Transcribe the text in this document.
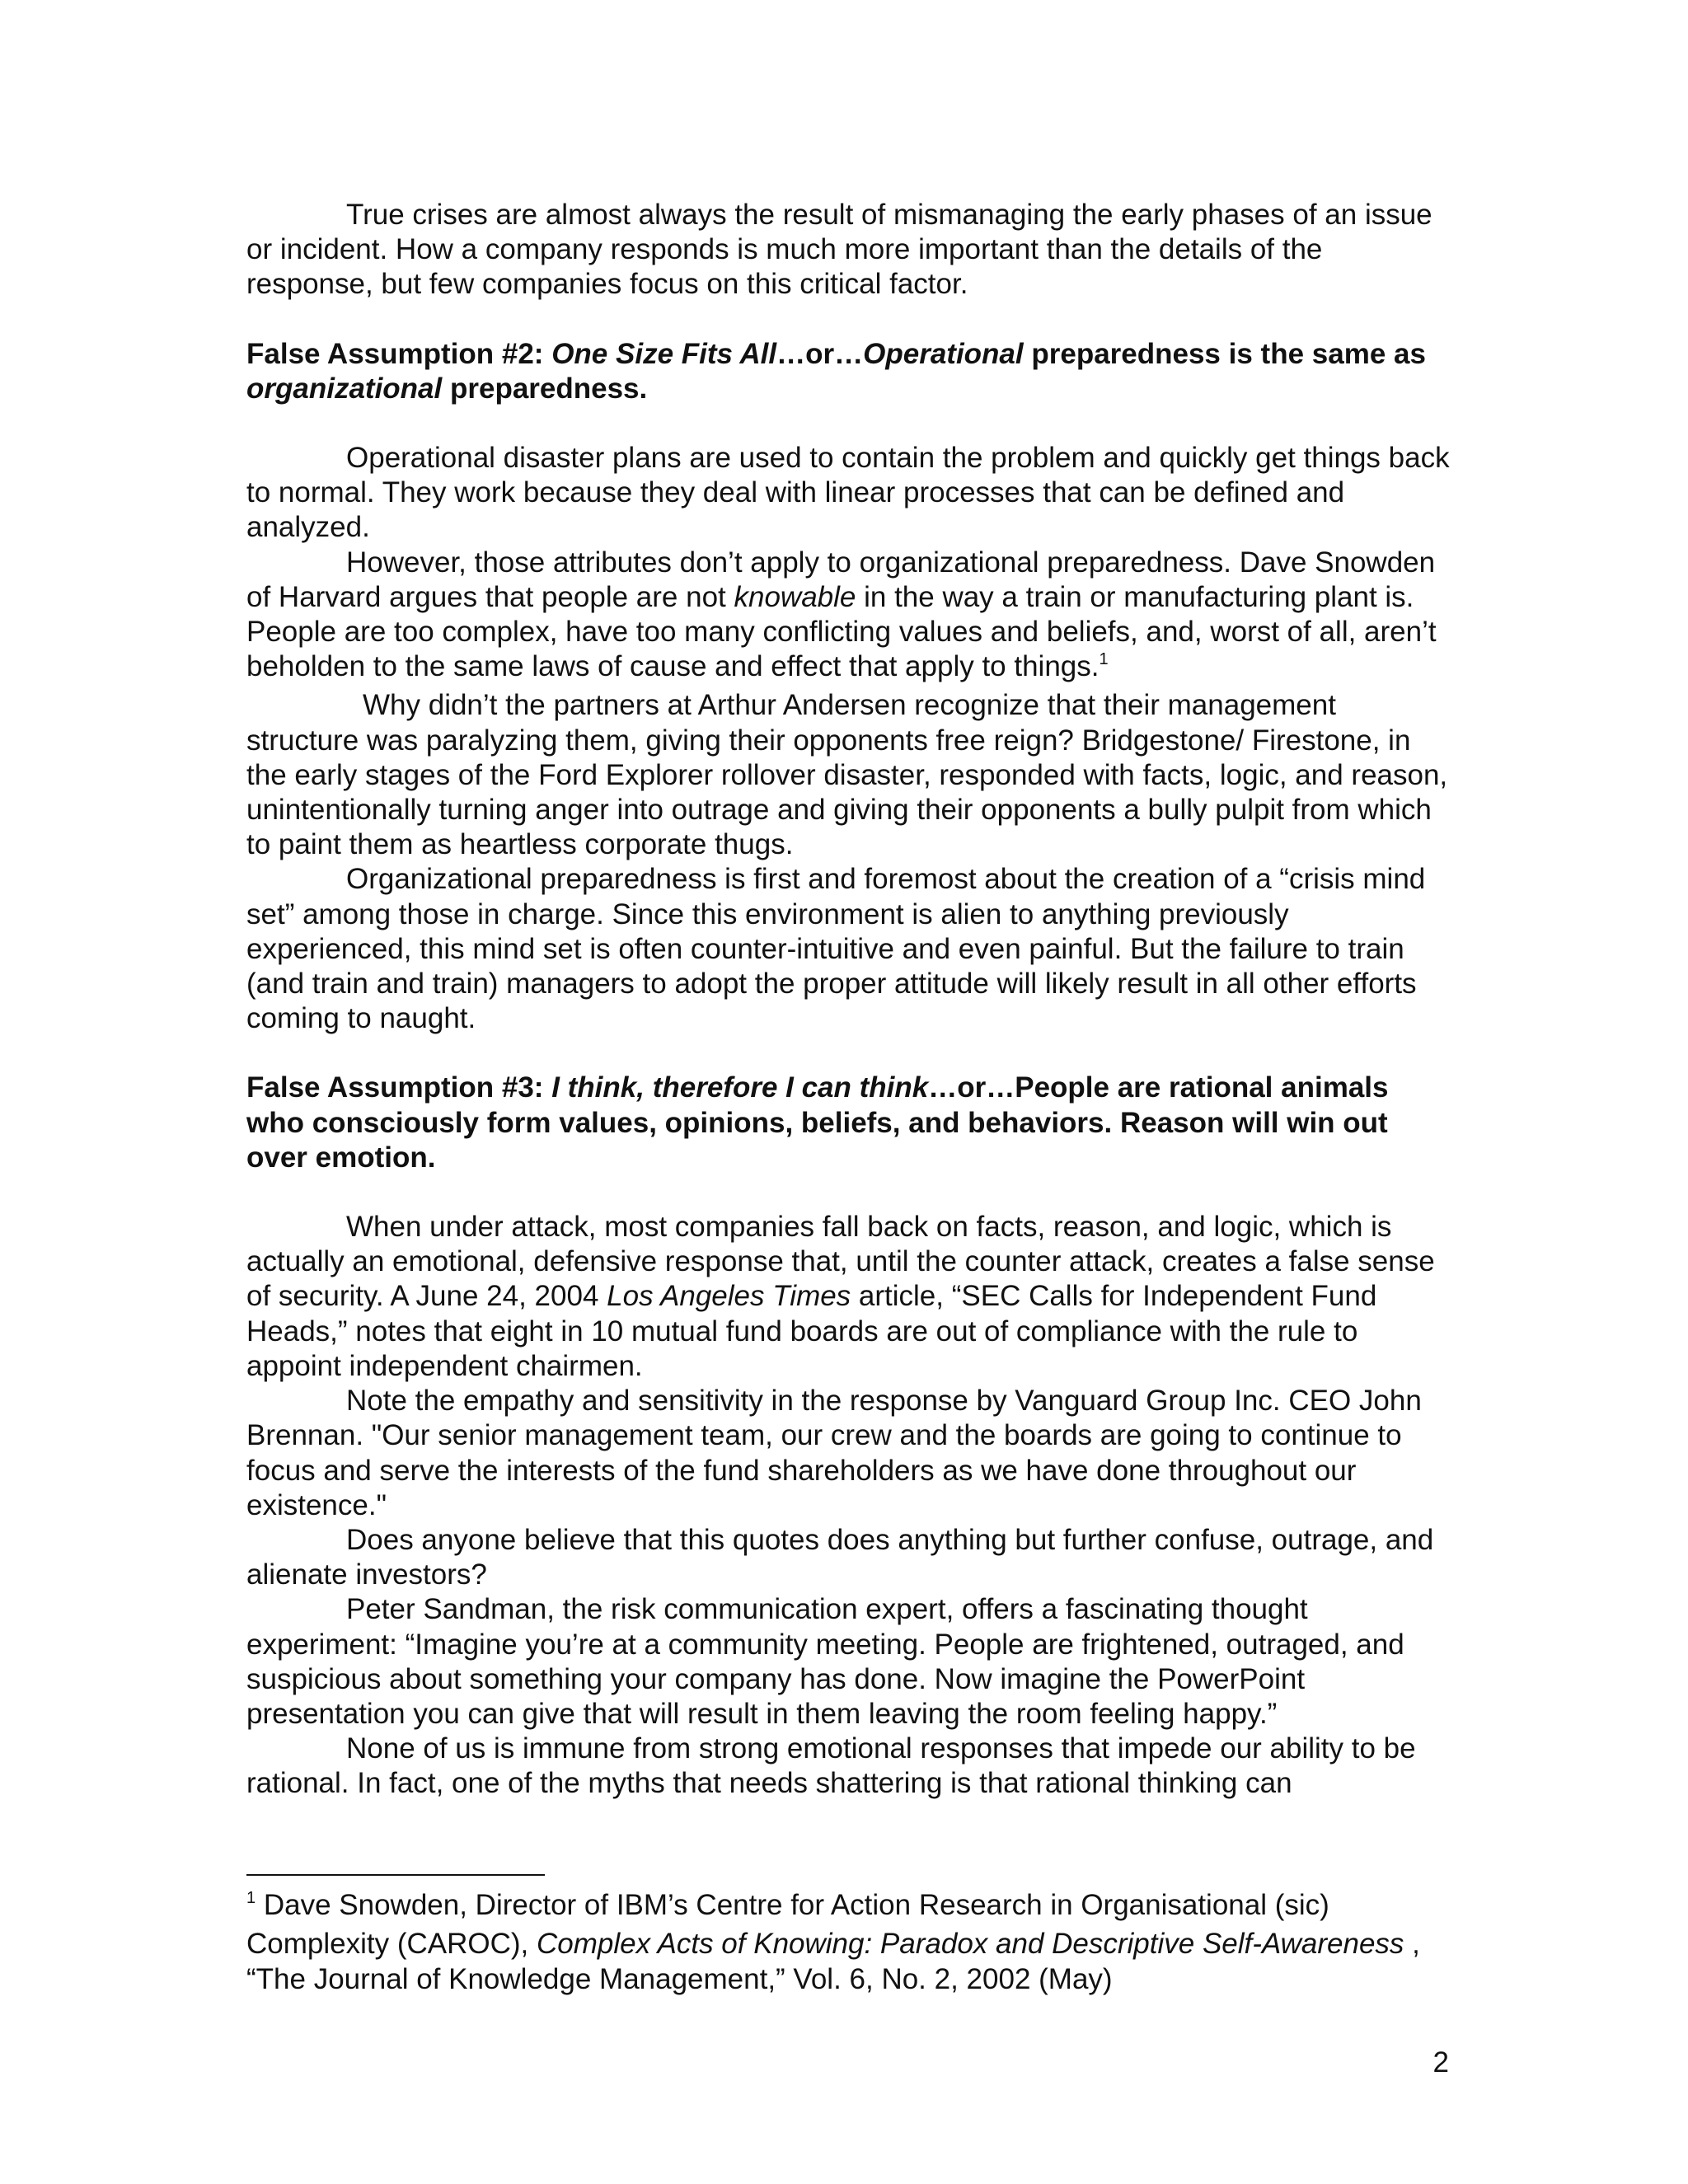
True crises are almost always the result of mismanaging the early phases of an issue or incident. How a company responds is much more important than the details of the response, but few companies focus on this critical factor.

False Assumption #2: One Size Fits All…or…Operational preparedness is the same as organizational preparedness.

Operational disaster plans are used to contain the problem and quickly get things back to normal. They work because they deal with linear processes that can be defined and analyzed.

However, those attributes don’t apply to organizational preparedness. Dave Snowden of Harvard argues that people are not knowable in the way a train or manufacturing plant is. People are too complex, have too many conflicting values and beliefs, and, worst of all, aren’t beholden to the same laws of cause and effect that apply to things.$^1$

Why didn’t the partners at Arthur Andersen recognize that their management structure was paralyzing them, giving their opponents free reign? Bridgestone/ Firestone, in the early stages of the Ford Explorer rollover disaster, responded with facts, logic, and reason, unintentionally turning anger into outrage and giving their opponents a bully pulpit from which to paint them as heartless corporate thugs.

Organizational preparedness is first and foremost about the creation of a “crisis mind set” among those in charge. Since this environment is alien to anything previously experienced, this mind set is often counter-intuitive and even painful. But the failure to train (and train and train) managers to adopt the proper attitude will likely result in all other efforts coming to naught.

False Assumption #3: I think, therefore I can think…or…People are rational animals who consciously form values, opinions, beliefs, and behaviors. Reason will win out over emotion.

When under attack, most companies fall back on facts, reason, and logic, which is actually an emotional, defensive response that, until the counter attack, creates a false sense of security. A June 24, 2004 Los Angeles Times article, “SEC Calls for Independent Fund Heads,” notes that eight in 10 mutual fund boards are out of compliance with the rule to appoint independent chairmen.

Note the empathy and sensitivity in the response by Vanguard Group Inc. CEO John Brennan. "Our senior management team, our crew and the boards are going to continue to focus and serve the interests of the fund shareholders as we have done throughout our existence."

Does anyone believe that this quotes does anything but further confuse, outrage, and alienate investors?

Peter Sandman, the risk communication expert, offers a fascinating thought experiment: “Imagine you’re at a community meeting. People are frightened, outraged, and suspicious about something your company has done. Now imagine the PowerPoint presentation you can give that will result in them leaving the room feeling happy.”

None of us is immune from strong emotional responses that impede our ability to be rational. In fact, one of the myths that needs shattering is that rational thinking can

$^1$ Dave Snowden, Director of IBM’s Centre for Action Research in Organisational (sic) Complexity (CAROC), Complex Acts of Knowing: Paradox and Descriptive Self-Awareness , “The Journal of Knowledge Management,” Vol. 6, No. 2, 2002 (May)
2
